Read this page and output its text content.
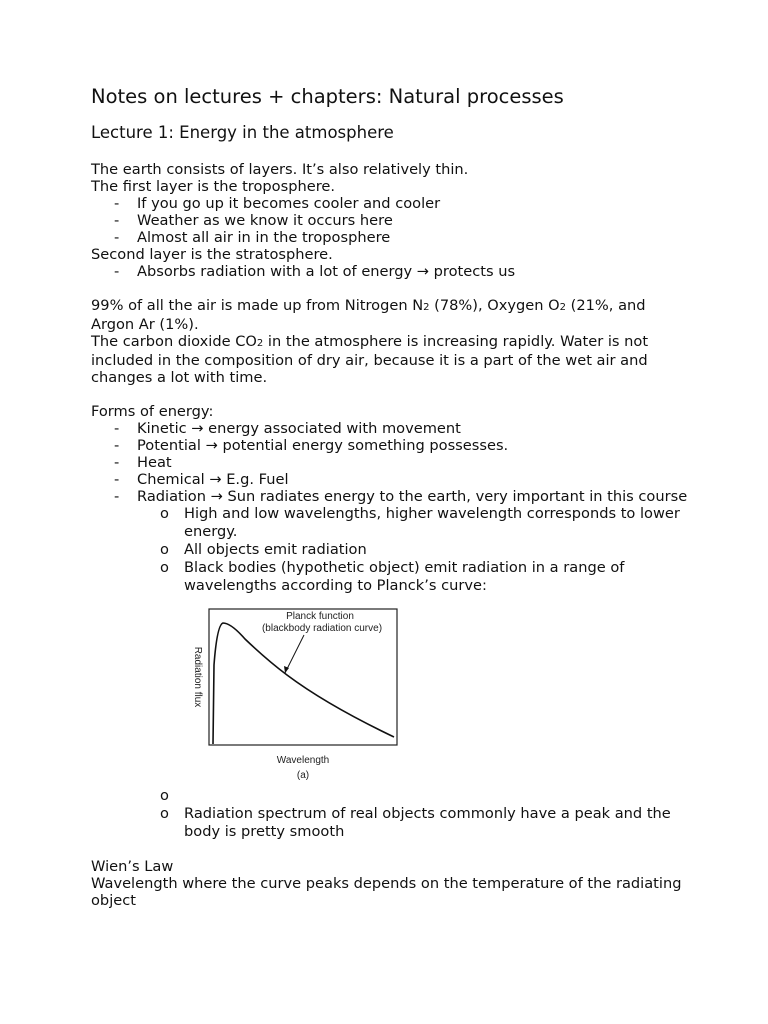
Notes on lectures + chapters: Natural processes
Lecture 1: Energy in the atmosphere

The earth consists of layers. It’s also relatively thin.

The first layer is the troposphere.

- If you go up it becomes cooler and cooler

- Weather as we know it occurs here

- Almost all air in in the troposphere

Second layer is the stratosphere.

- Absorbs radiation with a lot of energy → protects us

99% of all the air is made up from Nitrogen N2 (78%), Oxygen O2 (21%, and Argon Ar (1%).

The carbon dioxide CO2 in the atmosphere is increasing rapidly. Water is not included in the composition of dry air, because it is a part of the wet air and changes a lot with time.

Forms of energy:

- Kinetic → energy associated with movement

- Potential → potential energy something possesses.

- Heat

- Chemical → E.g. Fuel

- Radiation → Sun radiates energy to the earth, very important in this course

o High and low wavelengths, higher wavelength corresponds to lower energy.

o All objects emit radiation

o Black bodies (hypothetic object) emit radiation in a range of wavelengths according to Planck’s curve:

Planck function
(blackbody radiation curve)
Radiation flux
Wavelength
(a)

o

o Radiation spectrum of real objects commonly have a peak and the body is pretty smooth

Wien’s Law

Wavelength where the curve peaks depends on the temperature of the radiating object
